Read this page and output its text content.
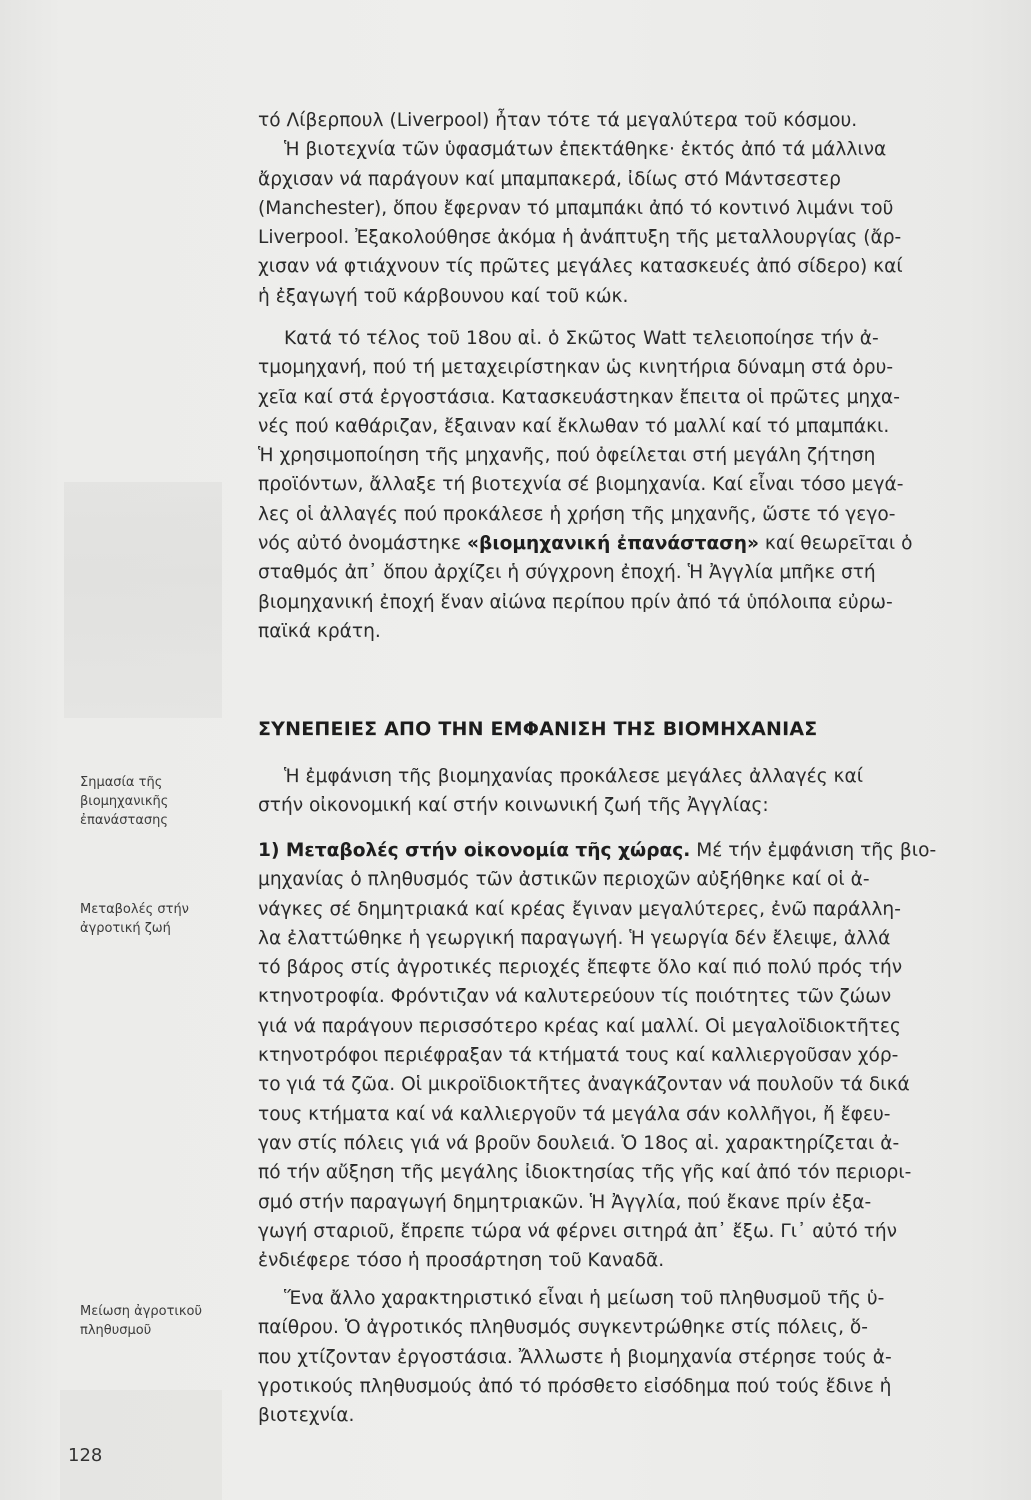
τό Λίβερπουλ (Liverpool) ἦταν τότε τά μεγαλύτερα τοῦ κόσμου.
Ἡ βιοτεχνία τῶν ὑφασμάτων ἐπεκτάθηκε· ἐκτός ἀπό τά μάλλινα
ἄρχισαν νά παράγουν καί μπαμπακερά, ἰδίως στό Μάντσεστερ
(Manchester), ὅπου ἔφερναν τό μπαμπάκι ἀπό τό κοντινό λιμάνι τοῦ
Liverpool. Ἐξακολούθησε ἀκόμα ἡ ἀνάπτυξη τῆς μεταλλουργίας (ἄρ-
χισαν νά φτιάχνουν τίς πρῶτες μεγάλες κατασκευές ἀπό σίδερο) καί
ἡ ἐξαγωγή τοῦ κάρβουνου καί τοῦ κώκ.
Κατά τό τέλος τοῦ 18ου αἰ. ὁ Σκῶτος Watt τελειοποίησε τήν ἀ-
τμομηχανή, πού τή μεταχειρίστηκαν ὡς κινητήρια δύναμη στά ὀρυ-
χεῖα καί στά ἐργοστάσια. Κατασκευάστηκαν ἔπειτα οἱ πρῶτες μηχα-
νές πού καθάριζαν, ἔξαιναν καί ἔκλωθαν τό μαλλί καί τό μπαμπάκι.
Ἡ χρησιμοποίηση τῆς μηχανῆς, πού ὀφείλεται στή μεγάλη ζήτηση
προϊόντων, ἄλλαξε τή βιοτεχνία σέ βιομηχανία. Καί εἶναι τόσο μεγά-
λες οἱ ἀλλαγές πού προκάλεσε ἡ χρήση τῆς μηχανῆς, ὥστε τό γεγο-
νός αὐτό ὀνομάστηκε «βιομηχανική ἐπανάσταση» καί θεωρεῖται ὁ
σταθμός ἀπ᾿ ὅπου ἀρχίζει ἡ σύγχρονη ἐποχή. Ἡ Ἀγγλία μπῆκε στή
βιομηχανική ἐποχή ἕναν αἰώνα περίπου πρίν ἀπό τά ὑπόλοιπα εὐρω-
παϊκά κράτη.
ΣΥΝΕΠΕΙΕΣ ΑΠΟ ΤΗΝ ΕΜΦΑΝΙΣΗ ΤΗΣ ΒΙΟΜΗΧΑΝΙΑΣ
Ἡ ἐμφάνιση τῆς βιομηχανίας προκάλεσε μεγάλες ἀλλαγές καί
στήν οἰκονομική καί στήν κοινωνική ζωή τῆς Ἀγγλίας:
1) Μεταβολές στήν οἰκονομία τῆς χώρας. Μέ τήν ἐμφάνιση τῆς βιο-
μηχανίας ὁ πληθυσμός τῶν ἀστικῶν περιοχῶν αὐξήθηκε καί οἱ ἀ-
νάγκες σέ δημητριακά καί κρέας ἔγιναν μεγαλύτερες, ἐνῶ παράλλη-
λα ἐλαττώθηκε ἡ γεωργική παραγωγή. Ἡ γεωργία δέν ἔλειψε, ἀλλά
τό βάρος στίς ἀγροτικές περιοχές ἔπεφτε ὅλο καί πιό πολύ πρός τήν
κτηνοτροφία. Φρόντιζαν νά καλυτερεύουν τίς ποιότητες τῶν ζώων
γιά νά παράγουν περισσότερο κρέας καί μαλλί. Οἱ μεγαλοϊδιοκτῆτες
κτηνοτρόφοι περιέφραξαν τά κτήματά τους καί καλλιεργοῦσαν χόρ-
το γιά τά ζῶα. Οἱ μικροϊδιοκτῆτες ἀναγκάζονταν νά πουλοῦν τά δικά
τους κτήματα καί νά καλλιεργοῦν τά μεγάλα σάν κολλῆγοι, ἤ ἔφευ-
γαν στίς πόλεις γιά νά βροῦν δουλειά. Ὁ 18ος αἰ. χαρακτηρίζεται ἀ-
πό τήν αὔξηση τῆς μεγάλης ἰδιοκτησίας τῆς γῆς καί ἀπό τόν περιορι-
σμό στήν παραγωγή δημητριακῶν. Ἡ Ἀγγλία, πού ἔκανε πρίν ἐξα-
γωγή σταριοῦ, ἔπρεπε τώρα νά φέρνει σιτηρά ἀπ᾿ ἔξω. Γι᾿ αὐτό τήν
ἐνδιέφερε τόσο ἡ προσάρτηση τοῦ Καναδᾶ.
Ἕνα ἄλλο χαρακτηριστικό εἶναι ἡ μείωση τοῦ πληθυσμοῦ τῆς ὑ-
παίθρου. Ὁ ἀγροτικός πληθυσμός συγκεντρώθηκε στίς πόλεις, ὅ-
που χτίζονταν ἐργοστάσια. Ἄλλωστε ἡ βιομηχανία στέρησε τούς ἀ-
γροτικούς πληθυσμούς ἀπό τό πρόσθετο εἰσόδημα πού τούς ἔδινε ἡ
βιοτεχνία.
Σημασία τῆς
βιομηχανικῆς
ἐπανάστασης
Μεταβολές στήν
ἀγροτική ζωή
Μείωση ἀγροτικοῦ
πληθυσμοῦ
128
